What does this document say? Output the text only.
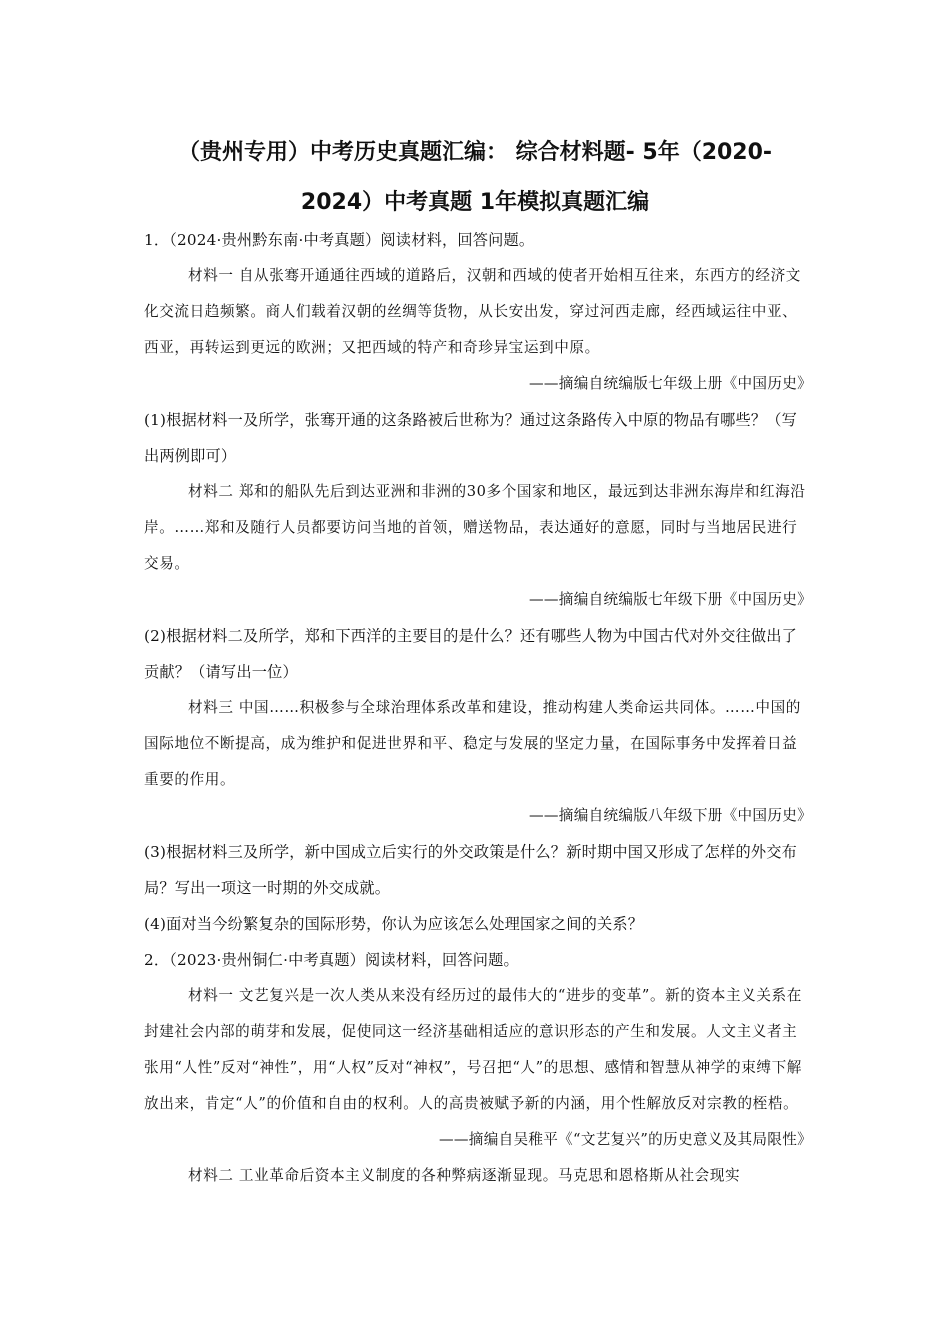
（贵州专用）中考历史真题汇编： 综合材料题- 5年（2020-
2024）中考真题 1年模拟真题汇编

1．（2024·贵州黔东南·中考真题）阅读材料，回答问题。

材料一 自从张骞开通通往西域的道路后，汉朝和西域的使者开始相互往来，东西方的经济文化交流日趋频繁。商人们载着汉朝的丝绸等货物，从长安出发，穿过河西走廊，经西域运往中亚、西亚，再转运到更远的欧洲；又把西域的特产和奇珍异宝运到中原。

——摘编自统编版七年级上册《中国历史》

(1)根据材料一及所学，张骞开通的这条路被后世称为？通过这条路传入中原的物品有哪些？（写出两例即可）

材料二 郑和的船队先后到达亚洲和非洲的30多个国家和地区，最远到达非洲东海岸和红海沿岸。……郑和及随行人员都要访问当地的首领，赠送物品，表达通好的意愿，同时与当地居民进行交易。

——摘编自统编版七年级下册《中国历史》

(2)根据材料二及所学，郑和下西洋的主要目的是什么？还有哪些人物为中国古代对外交往做出了贡献？（请写出一位）

材料三 中国……积极参与全球治理体系改革和建设，推动构建人类命运共同体。……中国的国际地位不断提高，成为维护和促进世界和平、稳定与发展的坚定力量，在国际事务中发挥着日益重要的作用。

——摘编自统编版八年级下册《中国历史》

(3)根据材料三及所学，新中国成立后实行的外交政策是什么？新时期中国又形成了怎样的外交布局？写出一项这一时期的外交成就。

(4)面对当今纷繁复杂的国际形势，你认为应该怎么处理国家之间的关系？

2．（2023·贵州铜仁·中考真题）阅读材料，回答问题。

材料一 文艺复兴是一次人类从来没有经历过的最伟大的“进步的变革”。新的资本主义关系在封建社会内部的萌芽和发展，促使同这一经济基础相适应的意识形态的产生和发展。人文主义者主张用“人性”反对“神性”，用“人权”反对“神权”，号召把“人”的思想、感情和智慧从神学的束缚下解放出来，肯定“人”的价值和自由的权利。人的高贵被赋予新的内涵，用个性解放反对宗教的桎梏。

——摘编自吴稚平《“文艺复兴”的历史意义及其局限性》

材料二 工业革命后资本主义制度的各种弊病逐渐显现。马克思和恩格斯从社会现实
